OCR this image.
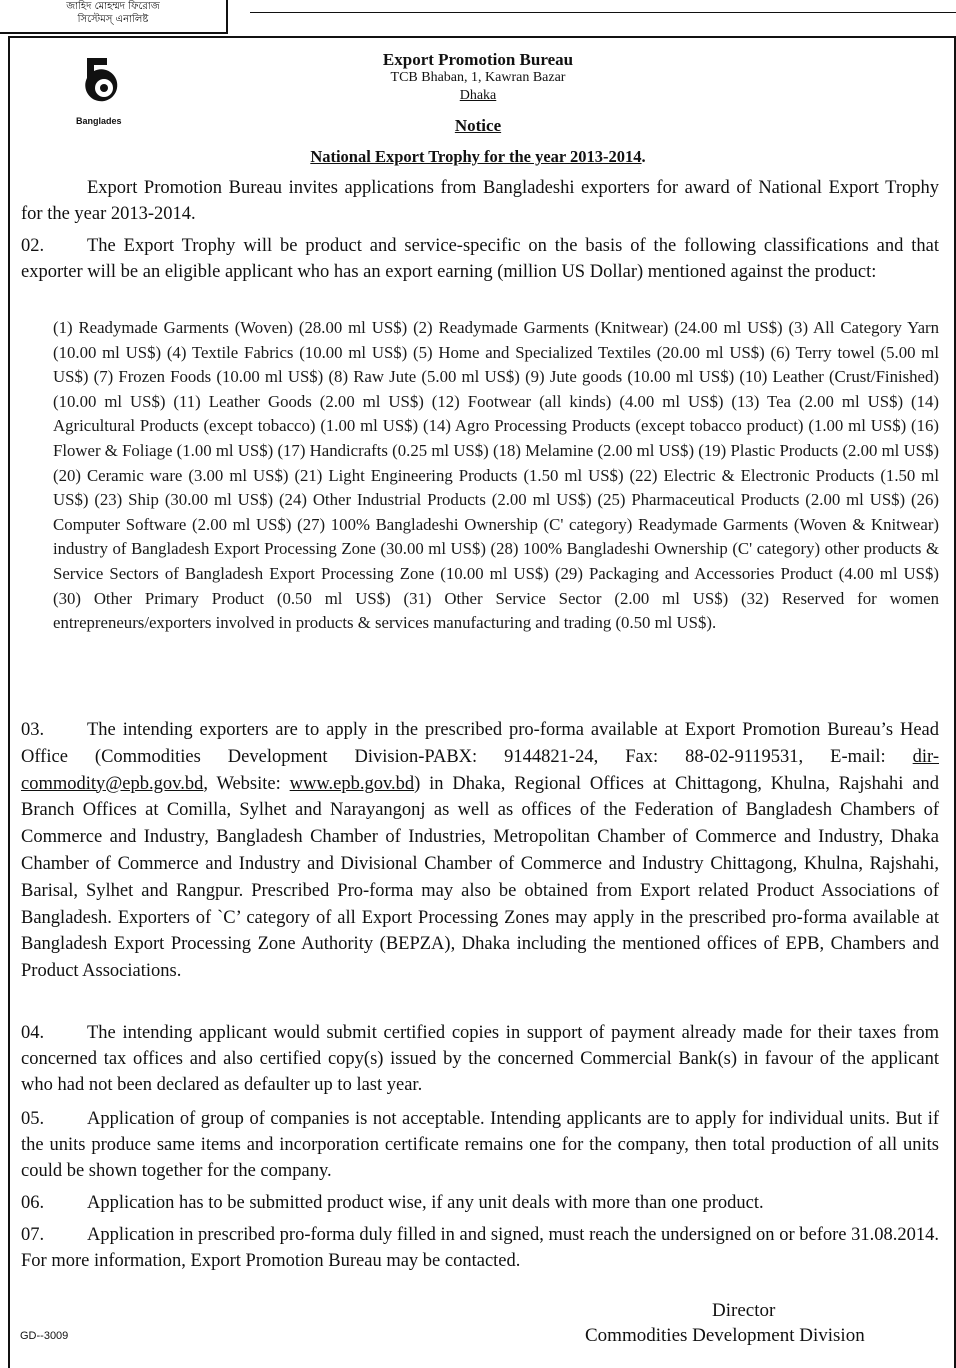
জাহিদ মোহম্মদ ফিরোজ
সিস্টেমস্ এনালিষ্ট
Banglades
Export Promotion Bureau
TCB Bhaban, 1, Kawran Bazar
Dhaka
Notice
National Export Trophy for the year 2013-2014.
Export Promotion Bureau invites applications from Bangladeshi exporters for award of National Export Trophy for the year 2013-2014.
02. The Export Trophy will be product and service-specific on the basis of the following classifications and that exporter will be an eligible applicant who has an export earning (million US Dollar) mentioned against the product:
(1) Readymade Garments (Woven) (28.00 ml US$) (2) Readymade Garments (Knitwear) (24.00 ml US$) (3) All Category Yarn (10.00 ml US$) (4) Textile Fabrics (10.00 ml US$) (5) Home and Specialized Textiles (20.00 ml US$) (6) Terry towel (5.00 ml US$) (7) Frozen Foods (10.00 ml US$) (8) Raw Jute (5.00 ml US$) (9) Jute goods (10.00 ml US$) (10) Leather (Crust/Finished) (10.00 ml US$) (11) Leather Goods (2.00 ml US$) (12) Footwear (all kinds) (4.00 ml US$) (13) Tea (2.00 ml US$) (14) Agricultural Products (except tobacco) (1.00 ml US$) (14) Agro Processing Products (except tobacco product) (1.00 ml US$) (16) Flower & Foliage (1.00 ml US$) (17) Handicrafts (0.25 ml US$) (18) Melamine (2.00 ml US$) (19) Plastic Products (2.00 ml US$) (20) Ceramic ware (3.00 ml US$) (21) Light Engineering Products (1.50 ml US$) (22) Electric & Electronic Products (1.50 ml US$) (23) Ship (30.00 ml US$) (24) Other Industrial Products (2.00 ml US$) (25) Pharmaceutical Products (2.00 ml US$) (26) Computer Software (2.00 ml US$) (27) 100% Bangladeshi Ownership (C' category) Readymade Garments (Woven & Knitwear) industry of Bangladesh Export Processing Zone (30.00 ml US$) (28) 100% Bangladeshi Ownership (C' category) other products & Service Sectors of Bangladesh Export Processing Zone (10.00 ml US$) (29) Packaging and Accessories Product (4.00 ml US$) (30) Other Primary Product (0.50 ml US$) (31) Other Service Sector (2.00 ml US$) (32) Reserved for women entrepreneurs/exporters involved in products & services manufacturing and trading (0.50 ml US$).
03. The intending exporters are to apply in the prescribed pro-forma available at Export Promotion Bureau’s Head Office (Commodities Development Division-PABX: 9144821-24, Fax: 88-02-9119531, E-mail: dir-commodity@epb.gov.bd, Website: www.epb.gov.bd) in Dhaka, Regional Offices at Chittagong, Khulna, Rajshahi and Branch Offices at Comilla, Sylhet and Narayangonj as well as offices of the Federation of Bangladesh Chambers of Commerce and Industry, Bangladesh Chamber of Industries, Metropolitan Chamber of Commerce and Industry, Dhaka Chamber of Commerce and Industry and Divisional Chamber of Commerce and Industry Chittagong, Khulna, Rajshahi, Barisal, Sylhet and Rangpur. Prescribed Pro-forma may also be obtained from Export related Product Associations of Bangladesh. Exporters of `C’ category of all Export Processing Zones may apply in the prescribed pro-forma available at Bangladesh Export Processing Zone Authority (BEPZA), Dhaka including the mentioned offices of EPB, Chambers and Product Associations.
04. The intending applicant would submit certified copies in support of payment already made for their taxes from concerned tax offices and also certified copy(s) issued by the concerned Commercial Bank(s) in favour of the applicant who had not been declared as defaulter up to last year.
05. Application of group of companies is not acceptable. Intending applicants are to apply for individual units. But if the units produce same items and incorporation certificate remains one for the company, then total production of all units could be shown together for the company.
06. Application has to be submitted product wise, if any unit deals with more than one product.
07. Application in prescribed pro-forma duly filled in and signed, must reach the undersigned on or before 31.08.2014. For more information, Export Promotion Bureau may be contacted.
Director
Commodities Development Division
GD--3009
